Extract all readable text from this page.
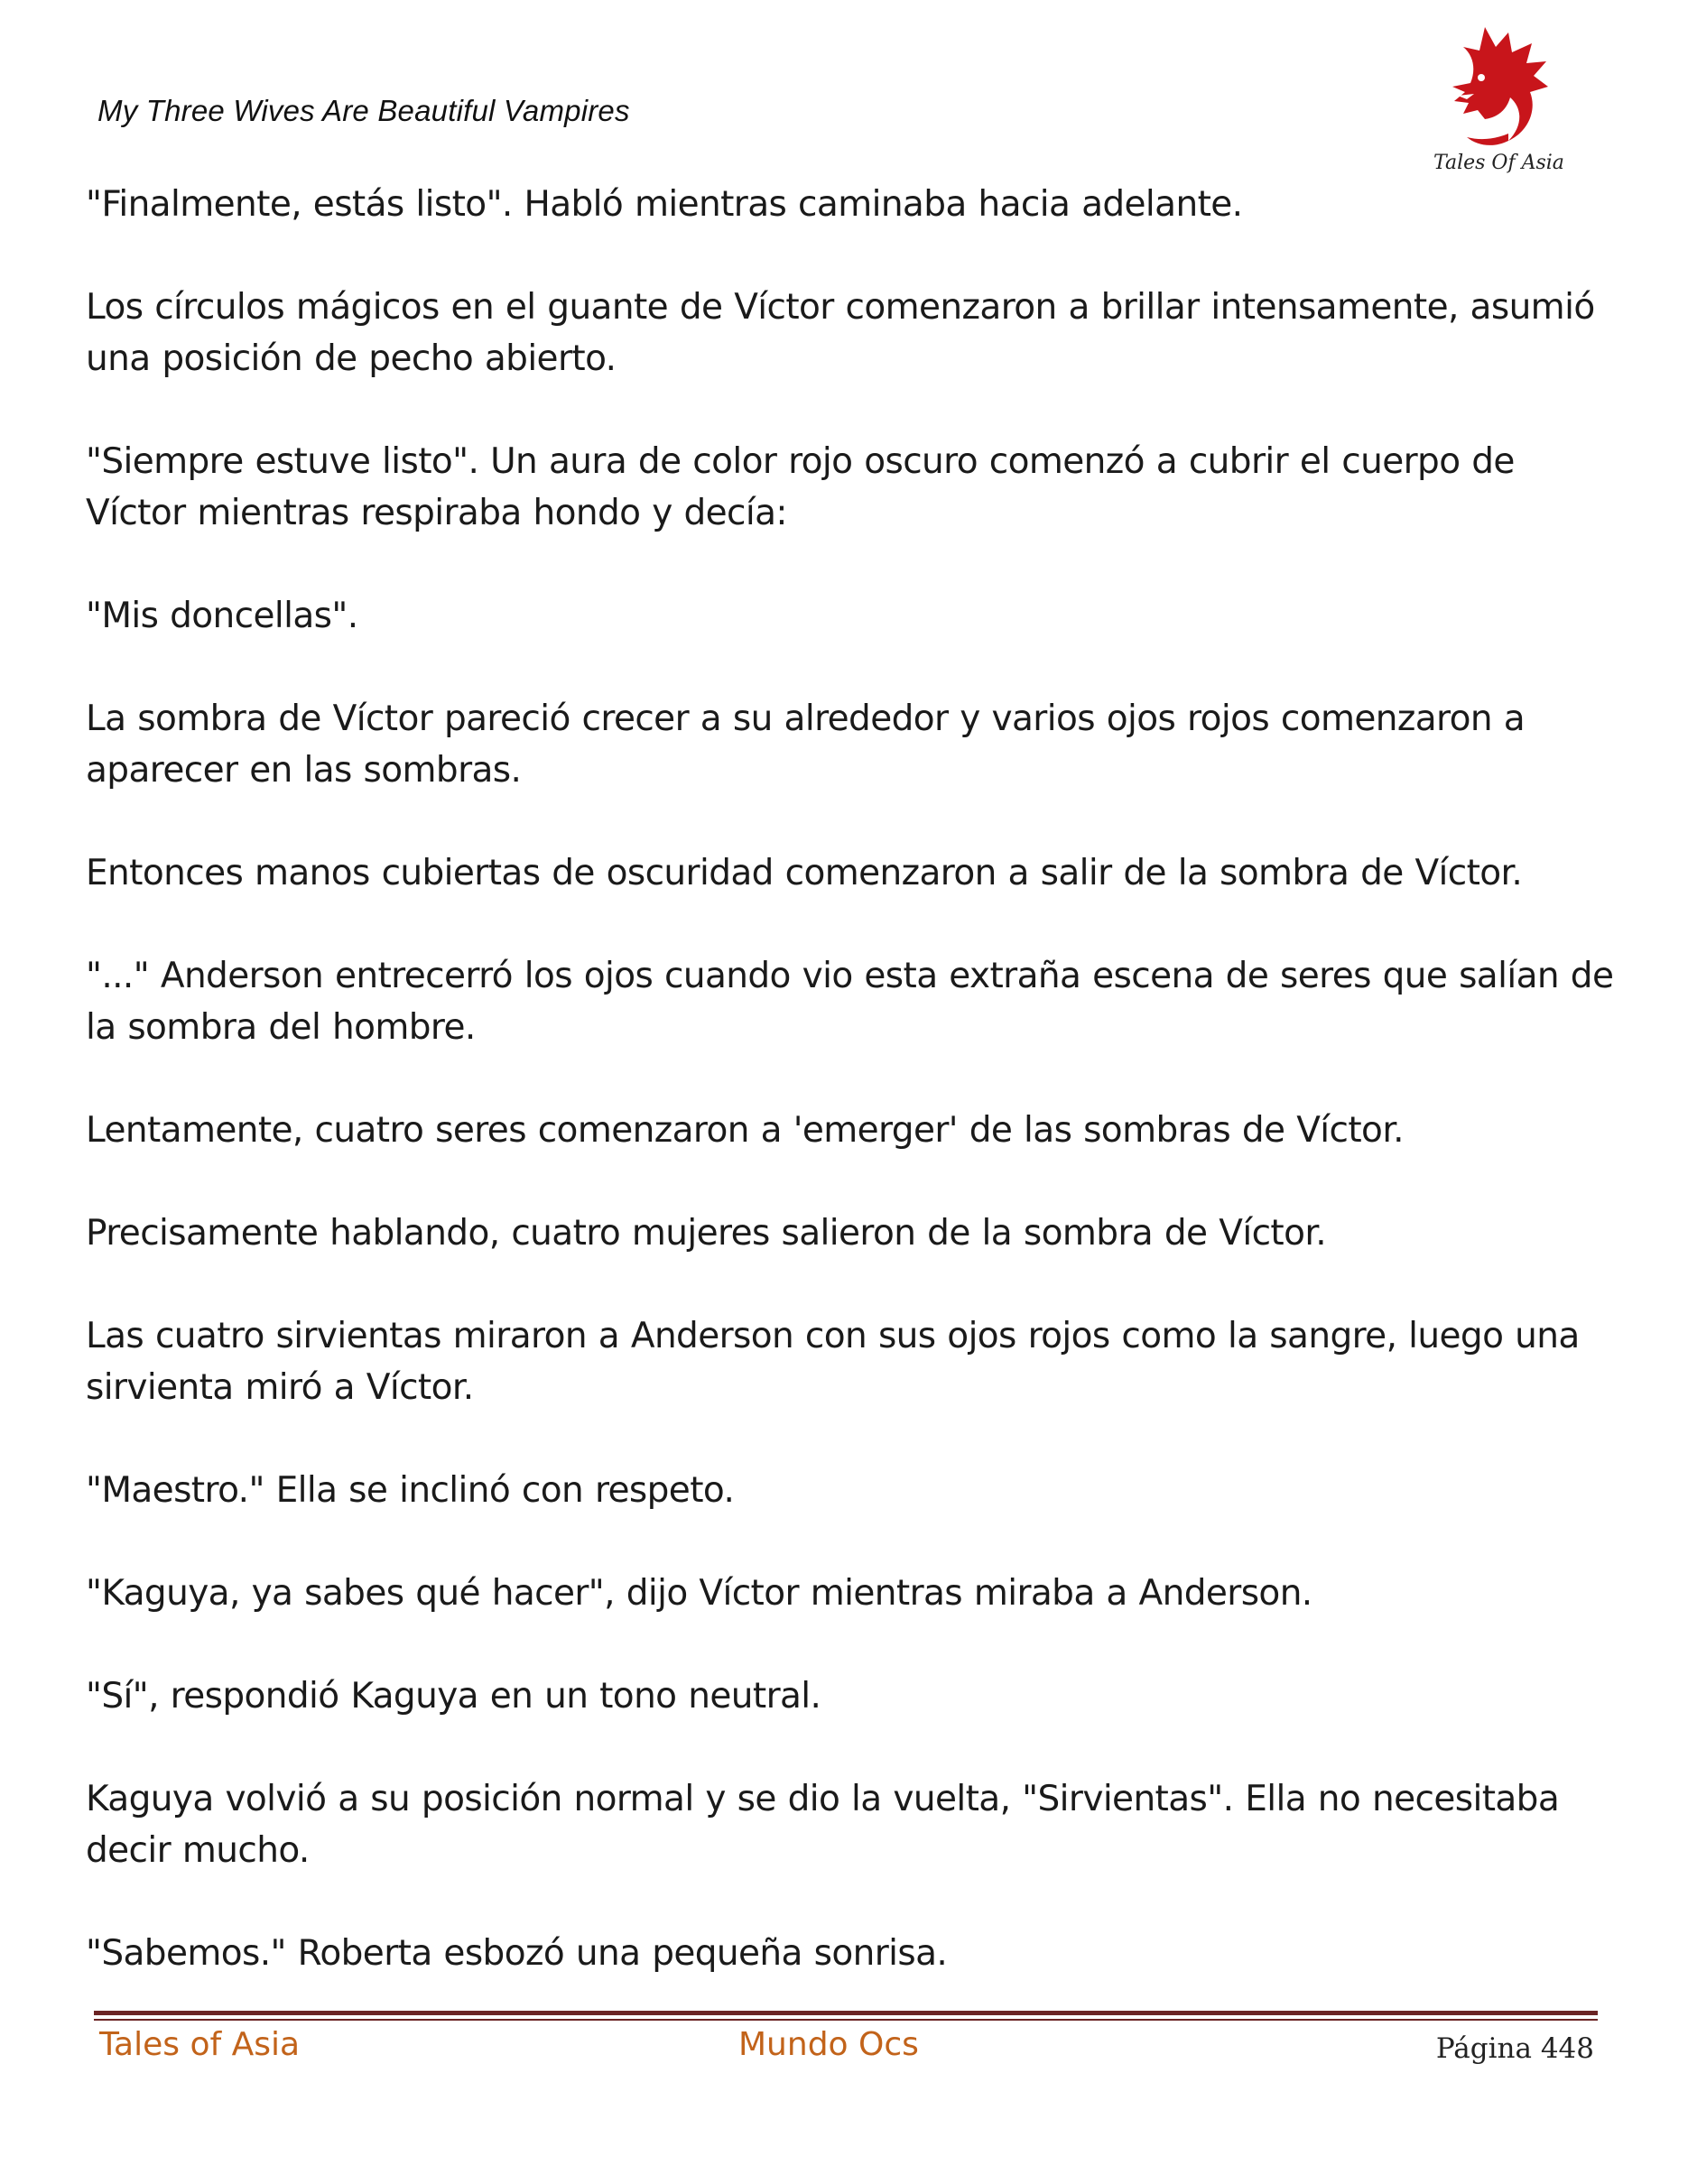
My Three Wives Are Beautiful Vampires
Tales Of Asia

"Finalmente, estás listo". Habló mientras caminaba hacia adelante.

Los círculos mágicos en el guante de Víctor comenzaron a brillar intensamente, asumió una posición de pecho abierto.

"Siempre estuve listo". Un aura de color rojo oscuro comenzó a cubrir el cuerpo de Víctor mientras respiraba hondo y decía:

"Mis doncellas".

La sombra de Víctor pareció crecer a su alrededor y varios ojos rojos comenzaron a aparecer en las sombras.

Entonces manos cubiertas de oscuridad comenzaron a salir de la sombra de Víctor.

"..." Anderson entrecerró los ojos cuando vio esta extraña escena de seres que salían de la sombra del hombre.

Lentamente, cuatro seres comenzaron a 'emerger' de las sombras de Víctor.

Precisamente hablando, cuatro mujeres salieron de la sombra de Víctor.

Las cuatro sirvientas miraron a Anderson con sus ojos rojos como la sangre, luego una sirvienta miró a Víctor.

"Maestro." Ella se inclinó con respeto.

"Kaguya, ya sabes qué hacer", dijo Víctor mientras miraba a Anderson.

"Sí", respondió Kaguya en un tono neutral.

Kaguya volvió a su posición normal y se dio la vuelta, "Sirvientas". Ella no necesitaba decir mucho.

"Sabemos." Roberta esbozó una pequeña sonrisa.

Tales of Asia	Mundo Ocs	Página 448
